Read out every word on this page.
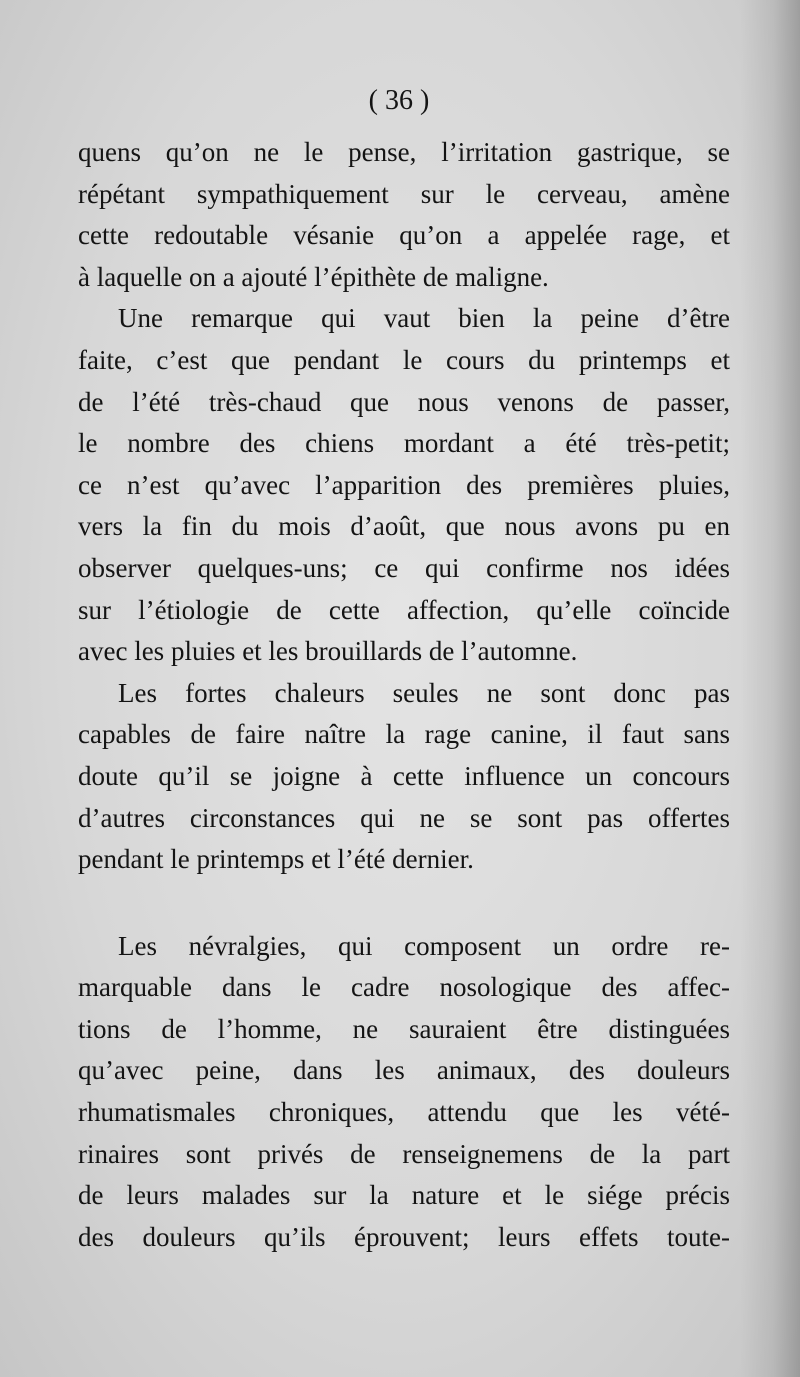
( 36 )
quens qu’on ne le pense, l’irritation gastrique, se
répétant sympathiquement sur le cerveau, amène
cette redoutable vésanie qu’on a appelée rage, et
à laquelle on a ajouté l’épithète de maligne.
Une remarque qui vaut bien la peine d’être
faite, c’est que pendant le cours du printemps et
de l’été très-chaud que nous venons de passer,
le nombre des chiens mordant a été très-petit;
ce n’est qu’avec l’apparition des premières pluies,
vers la fin du mois d’août, que nous avons pu en
observer quelques-uns; ce qui confirme nos idées
sur l’étiologie de cette affection, qu’elle coïncide
avec les pluies et les brouillards de l’automne.
Les fortes chaleurs seules ne sont donc pas
capables de faire naître la rage canine, il faut sans
doute qu’il se joigne à cette influence un concours
d’autres circonstances qui ne se sont pas offertes
pendant le printemps et l’été dernier.
Les névralgies, qui composent un ordre re-
marquable dans le cadre nosologique des affec-
tions de l’homme, ne sauraient être distinguées
qu’avec peine, dans les animaux, des douleurs
rhumatismales chroniques, attendu que les vété-
rinaires sont privés de renseignemens de la part
de leurs malades sur la nature et le siége précis
des douleurs qu’ils éprouvent; leurs effets toute-
